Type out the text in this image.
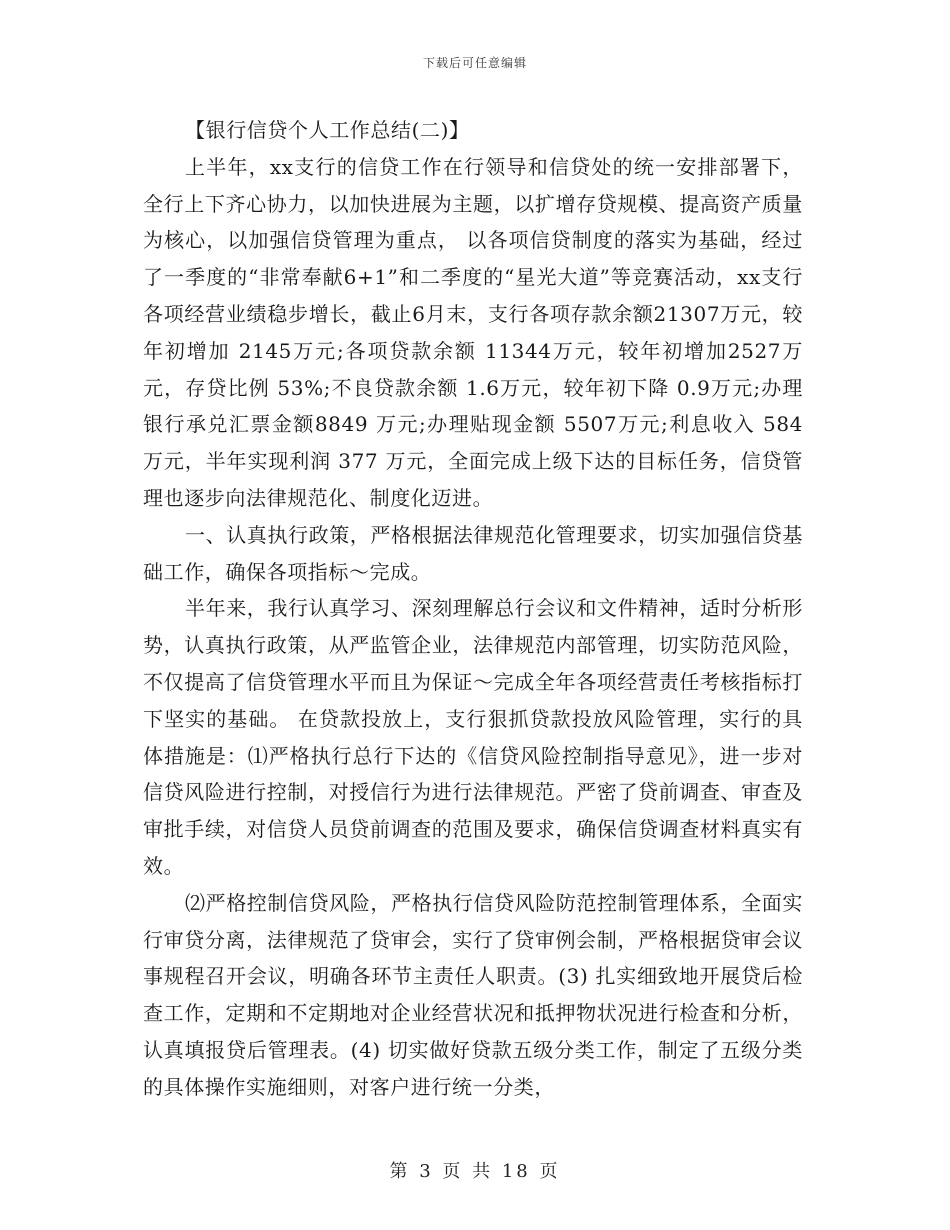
下载后可任意编辑

【银行信贷个人工作总结(二)】

上半年，xx支行的信贷工作在行领导和信贷处的统一安排部署下，全行上下齐心协力，以加快进展为主题，以扩增存贷规模、提高资产质量为核心，以加强信贷管理为重点， 以各项信贷制度的落实为基础，经过了一季度的“非常奉献6+1”和二季度的“星光大道”等竞赛活动，xx支行各项经营业绩稳步增长，截止6月末，支行各项存款余额21307万元，较年初增加 2145万元;各项贷款余额 11344万元，较年初增加2527万元，存贷比例 53%;不良贷款余额 1.6万元，较年初下降 0.9万元;办理银行承兑汇票金额8849 万元;办理贴现金额 5507万元;利息收入 584 万元，半年实现利润 377 万元，全面完成上级下达的目标任务，信贷管理也逐步向法律规范化、制度化迈进。

一、认真执行政策，严格根据法律规范化管理要求，切实加强信贷基础工作，确保各项指标～完成。

半年来，我行认真学习、深刻理解总行会议和文件精神，适时分析形势，认真执行政策，从严监管企业，法律规范内部管理，切实防范风险，不仅提高了信贷管理水平而且为保证～完成全年各项经营责任考核指标打下坚实的基础。 在贷款投放上，支行狠抓贷款投放风险管理，实行的具体措施是：⑴严格执行总行下达的《信贷风险控制指导意见》，进一步对信贷风险进行控制，对授信行为进行法律规范。严密了贷前调查、审查及审批手续，对信贷人员贷前调查的范围及要求，确保信贷调查材料真实有效。

⑵严格控制信贷风险，严格执行信贷风险防范控制管理体系，全面实行审贷分离，法律规范了贷审会，实行了贷审例会制，严格根据贷审会议事规程召开会议，明确各环节主责任人职责。(3) 扎实细致地开展贷后检查工作，定期和不定期地对企业经营状况和抵押物状况进行检查和分析，认真填报贷后管理表。(4) 切实做好贷款五级分类工作，制定了五级分类的具体操作实施细则，对客户进行统一分类，

第 3 页 共 18 页
